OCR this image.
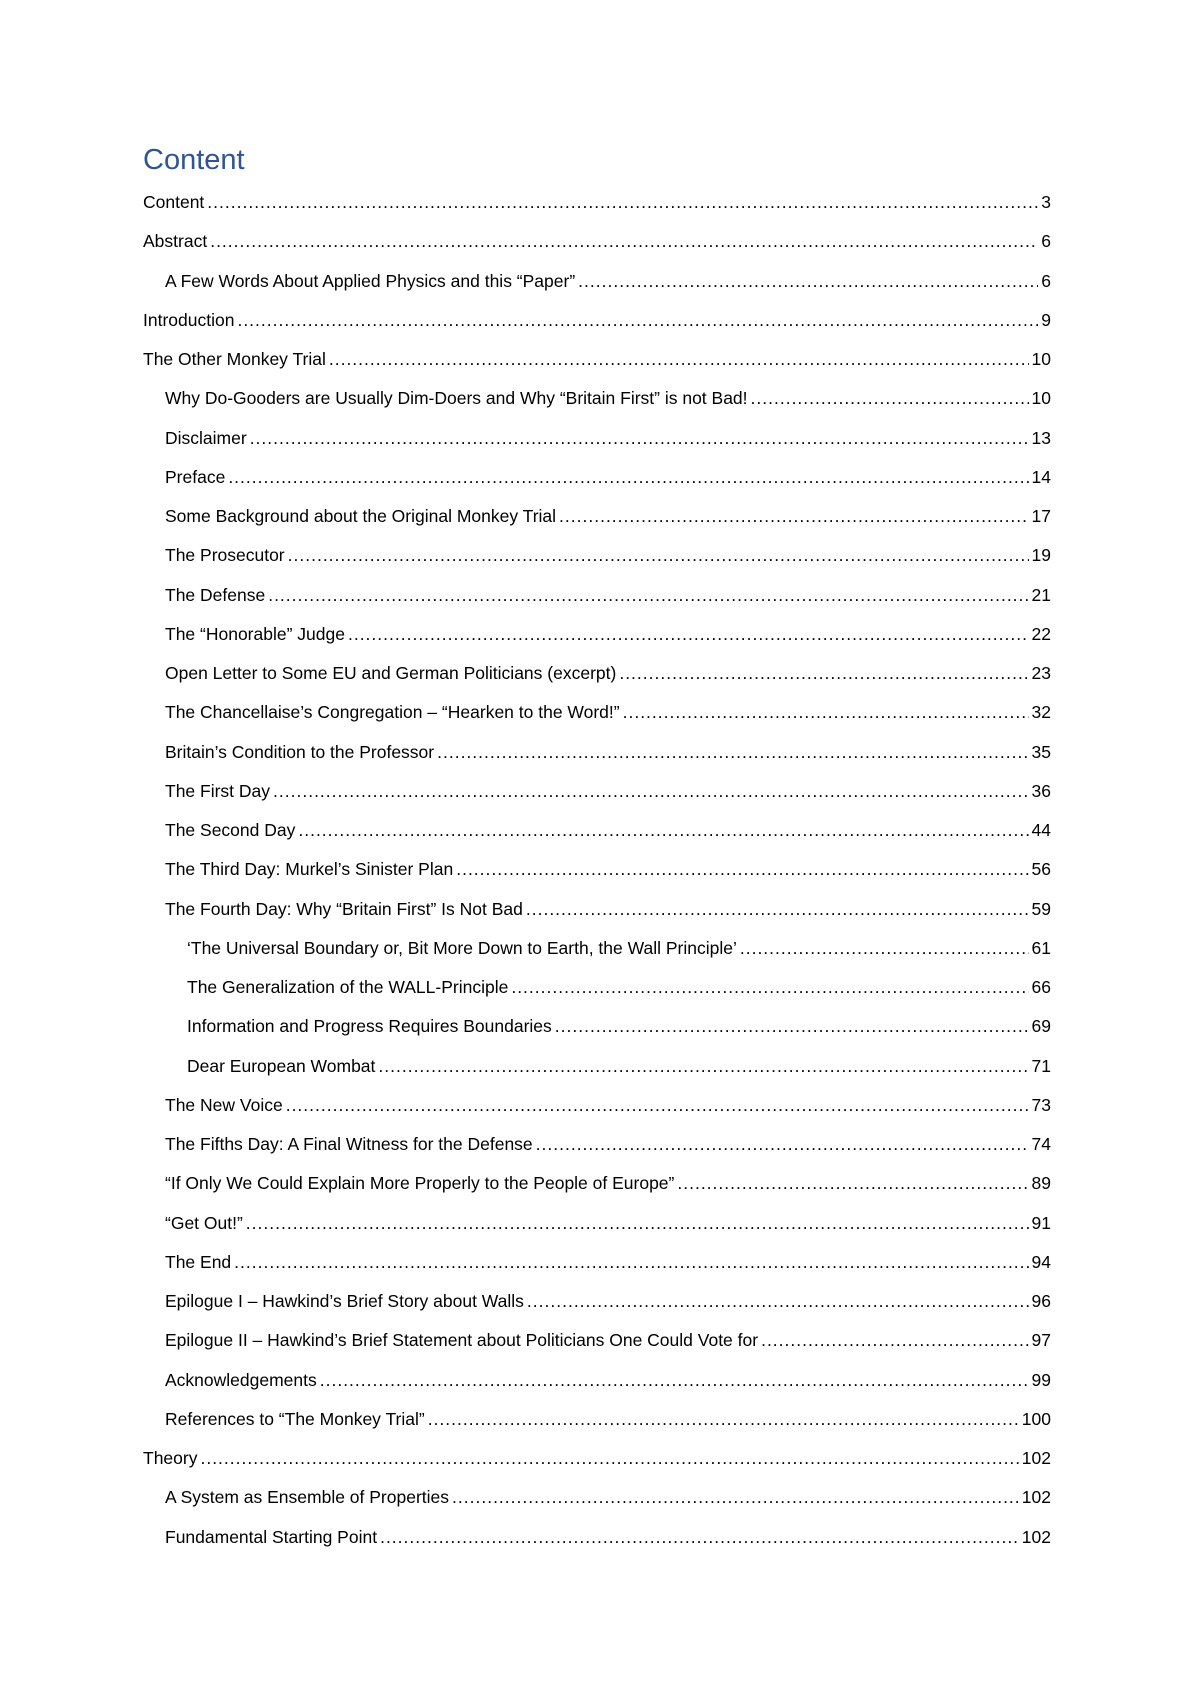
Content
Content .....	3
Abstract .....	6
A Few Words About Applied Physics and this “Paper” .....	6
Introduction .....	9
The Other Monkey Trial .....	10
Why Do-Gooders are Usually Dim-Doers and Why “Britain First” is not Bad! .....	10
Disclaimer .....	13
Preface .....	14
Some Background about the Original Monkey Trial .....	17
The Prosecutor .....	19
The Defense .....	21
The “Honorable” Judge .....	22
Open Letter to Some EU and German Politicians (excerpt) .....	23
The Chancellaise’s Congregation – “Hearken to the Word!” .....	32
Britain’s Condition to the Professor .....	35
The First Day .....	36
The Second Day .....	44
The Third Day: Murkel’s Sinister Plan .....	56
The Fourth Day: Why “Britain First” Is Not Bad .....	59
‘The Universal Boundary or, Bit More Down to Earth, the Wall Principle’ .....	61
The Generalization of the WALL-Principle .....	66
Information and Progress Requires Boundaries .....	69
Dear European Wombat .....	71
The New Voice .....	73
The Fifths Day: A Final Witness for the Defense .....	74
“If Only We Could Explain More Properly to the People of Europe” .....	89
“Get Out!” .....	91
The End .....	94
Epilogue I – Hawkind’s Brief Story about Walls .....	96
Epilogue II – Hawkind’s Brief Statement about Politicians One Could Vote for .....	97
Acknowledgements .....	99
References to “The Monkey Trial” .....	100
Theory .....	102
A System as Ensemble of Properties .....	102
Fundamental Starting Point .....	102
